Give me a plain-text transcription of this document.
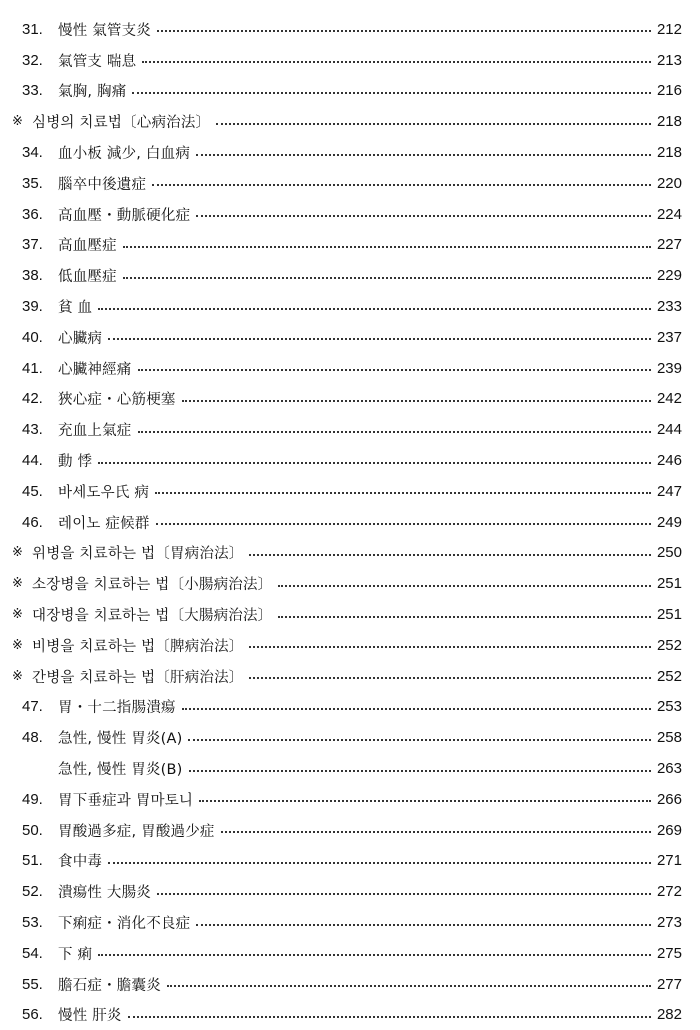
31.	慢性 氣管支炎	212
32.	氣管支 喘息	213
33.	氣胸, 胸痛	216
※ 심병의 치료법〔心病治法〕	218
34.	血小板 減少, 白血病	218
35.	腦卒中後遺症	220
36.	高血壓・動脈硬化症	224
37.	高血壓症	227
38.	低血壓症	229
39.	貧 血	233
40.	心臟病	237
41.	心臟神經痛	239
42.	狹心症・心筋梗塞	242
43.	充血上氣症	244
44.	動 悸	246
45.	바세도우氏 病	247
46.	레이노 症候群	249
※ 위병을 치료하는 법〔胃病治法〕	250
※ 소장병을 치료하는 법〔小腸病治法〕	251
※ 대장병을 치료하는 법〔大腸病治法〕	251
※ 비병을 치료하는 법〔脾病治法〕	252
※ 간병을 치료하는 법〔肝病治法〕	252
47.	胃・十二指腸潰瘍	253
48.	急性, 慢性 胃炎(A)	258
急性, 慢性 胃炎(B)	263
49.	胃下垂症과 胃마토니	266
50.	胃酸過多症, 胃酸過少症	269
51.	食中毒	271
52.	潰瘍性 大腸炎	272
53.	下痢症・消化不良症	273
54.	下 痢	275
55.	膽石症・膽囊炎	277
56.	慢性 肝炎	282
